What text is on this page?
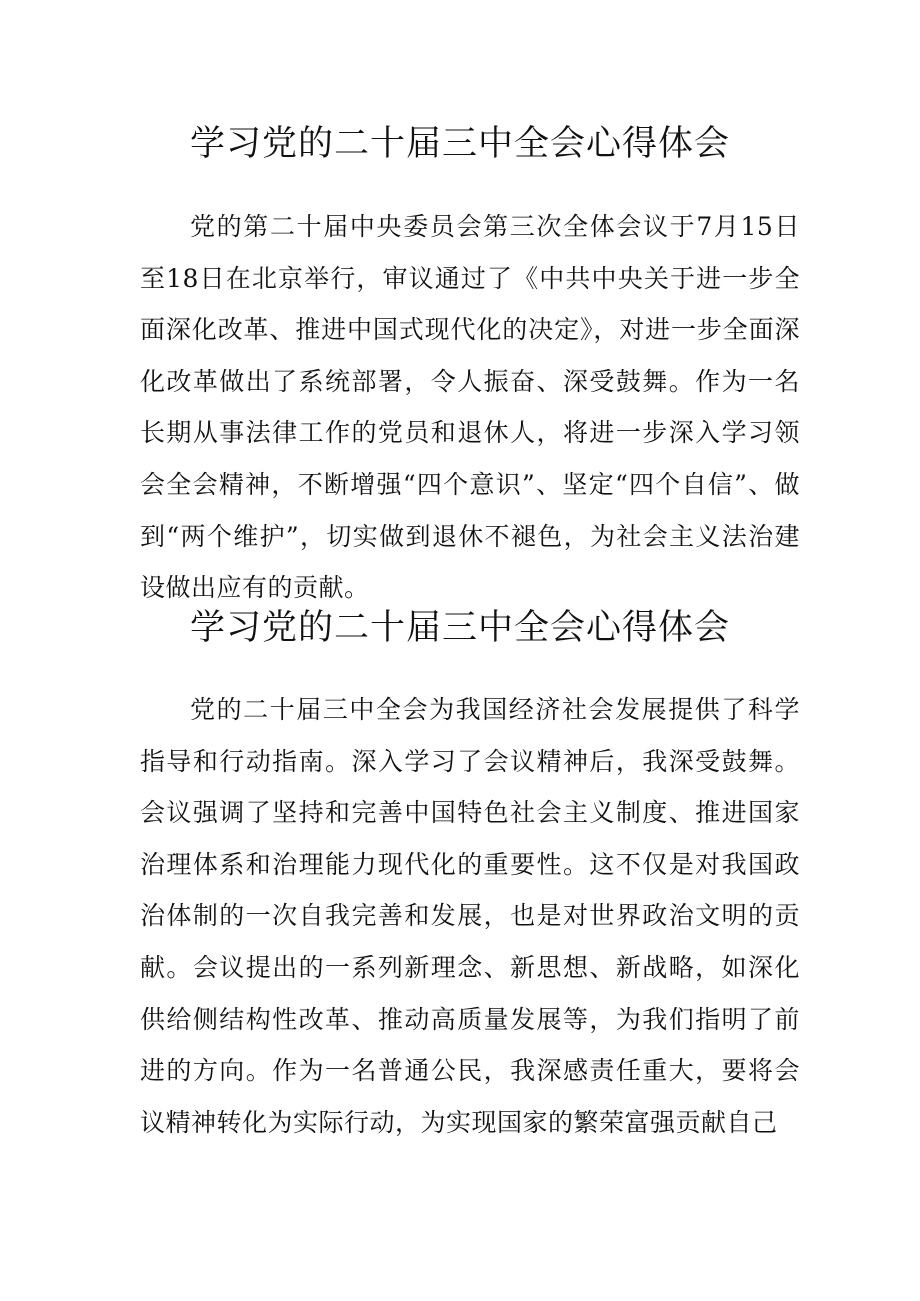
学习党的二十届三中全会心得体会

党的第二十届中央委员会第三次全体会议于7月15日至18日在北京举行，审议通过了《中共中央关于进一步全面深化改革、推进中国式现代化的决定》，对进一步全面深化改革做出了系统部署，令人振奋、深受鼓舞。作为一名长期从事法律工作的党员和退休人，将进一步深入学习领会全会精神，不断增强“四个意识”、坚定“四个自信”、做到“两个维护”，切实做到退休不褪色，为社会主义法治建设做出应有的贡献。

学习党的二十届三中全会心得体会

党的二十届三中全会为我国经济社会发展提供了科学指导和行动指南。深入学习了会议精神后，我深受鼓舞。会议强调了坚持和完善中国特色社会主义制度、推进国家治理体系和治理能力现代化的重要性。这不仅是对我国政治体制的一次自我完善和发展，也是对世界政治文明的贡献。会议提出的一系列新理念、新思想、新战略，如深化供给侧结构性改革、推动高质量发展等，为我们指明了前进的方向。作为一名普通公民，我深感责任重大，要将会议精神转化为实际行动，为实现国家的繁荣富强贡献自己
